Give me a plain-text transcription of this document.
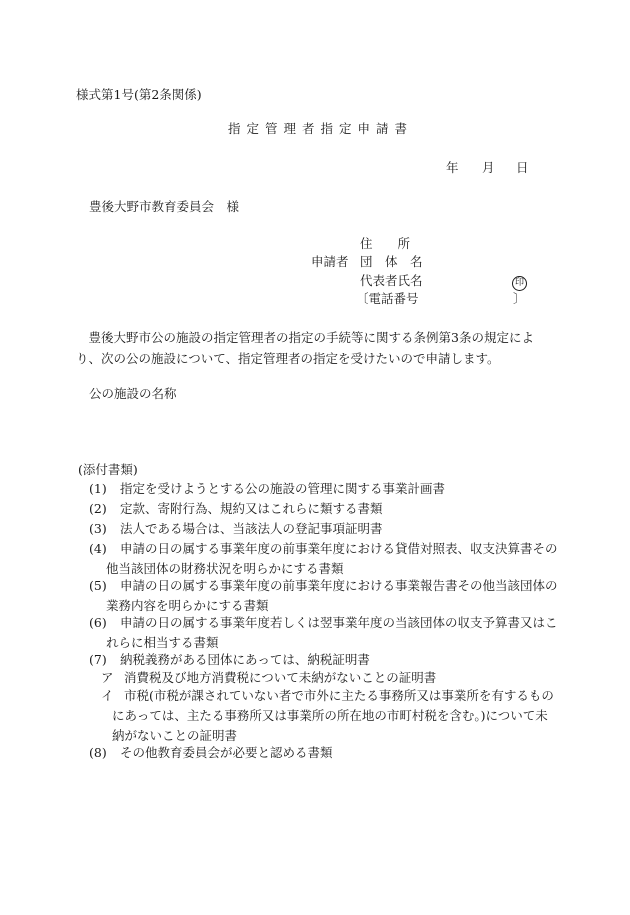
様式第1号(第2条関係)
指定管理者指定申請書
年 月 日
豊後大野市教育委員会　様
住　　所
申請者 団　体　名
代表者氏名	印
〔電話番号	〕
　豊後大野市公の施設の指定管理者の指定の手続等に関する条例第3条の規定により、次の公の施設について、指定管理者の指定を受けたいので申請します。
公の施設の名称
(添付書類)
(1) 指定を受けようとする公の施設の管理に関する事業計画書
(2) 定款、寄附行為、規約又はこれらに類する書類
(3) 法人である場合は、当該法人の登記事項証明書
(4)	申請の日の属する事業年度の前事業年度における貸借対照表、収支決算書その他当該団体の財務状況を明らかにする書類
(5)	申請の日の属する事業年度の前事業年度における事業報告書その他当該団体の業務内容を明らかにする書類
(6)	申請の日の属する事業年度若しくは翌事業年度の当該団体の収支予算書又はこれらに相当する書類
(7) 納税義務がある団体にあっては、納税証明書
ア 消費税及び地方消費税について未納がないことの証明書
イ 市税(市税が課されていない者で市外に主たる事務所又は事業所を有するものにあっては、主たる事務所又は事業所の所在地の市町村税を含む。)について未納がないことの証明書
(8) その他教育委員会が必要と認める書類
